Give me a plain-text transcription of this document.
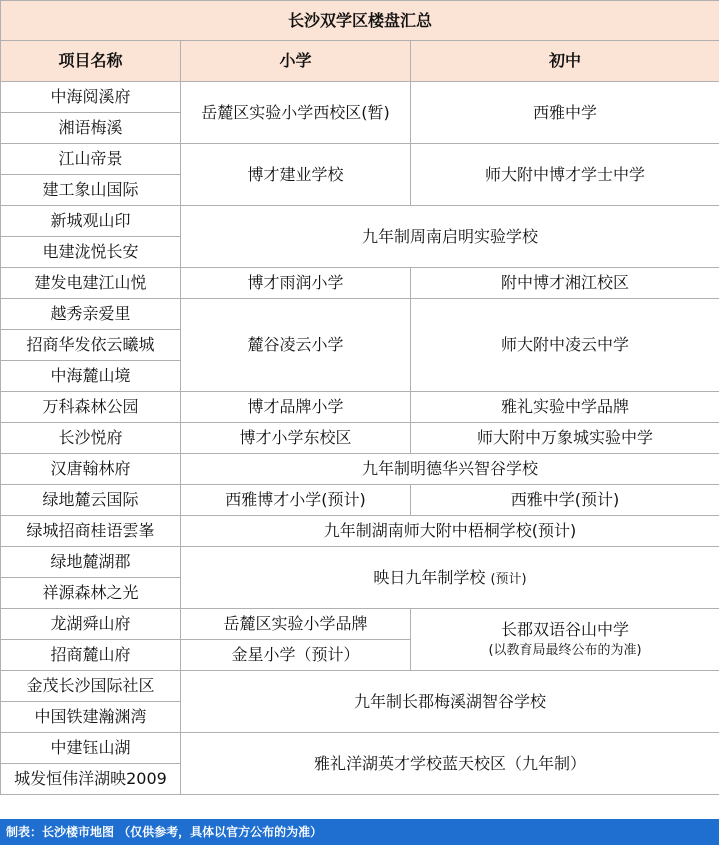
长沙双学区楼盘汇总		
项目名称	小学	初中
中海阅溪府	岳麓区实验小学西校区(暂)	西雅中学
湘语梅溪		
江山帝景	博才建业学校	师大附中博才学士中学
建工象山国际		
新城观山印	九年制周南启明实验学校	
电建泷悦长安		
建发电建江山悦	博才雨润小学	附中博才湘江校区
越秀亲爱里	麓谷凌云小学	师大附中凌云中学
招商华发依云曦城		
中海麓山境		
万科森林公园	博才品牌小学	雅礼实验中学品牌
长沙悦府	博才小学东校区	师大附中万象城实验中学
汉唐翰林府	九年制明德华兴智谷学校	
绿地麓云国际	西雅博才小学(预计)	西雅中学(预计)
绿城招商桂语雲峯	九年制湖南师大附中梧桐学校(预计)	
绿地麓湖郡	映日九年制学校 (预计)	
祥源森林之光		
龙湖舜山府	岳麓区实验小学品牌	长郡双语谷山中学
(以教育局最终公布的为准)

招商麓山府	金星小学（预计）	
金茂长沙国际社区	九年制长郡梅溪湖智谷学校	
中国铁建瀚渊湾		
中建钰山湖	雅礼洋湖英才学校蓝天校区（九年制）	
城发恒伟洋湖映2009		
制表：长沙楼市地图 （仅供参考，具体以官方公布的为准）
